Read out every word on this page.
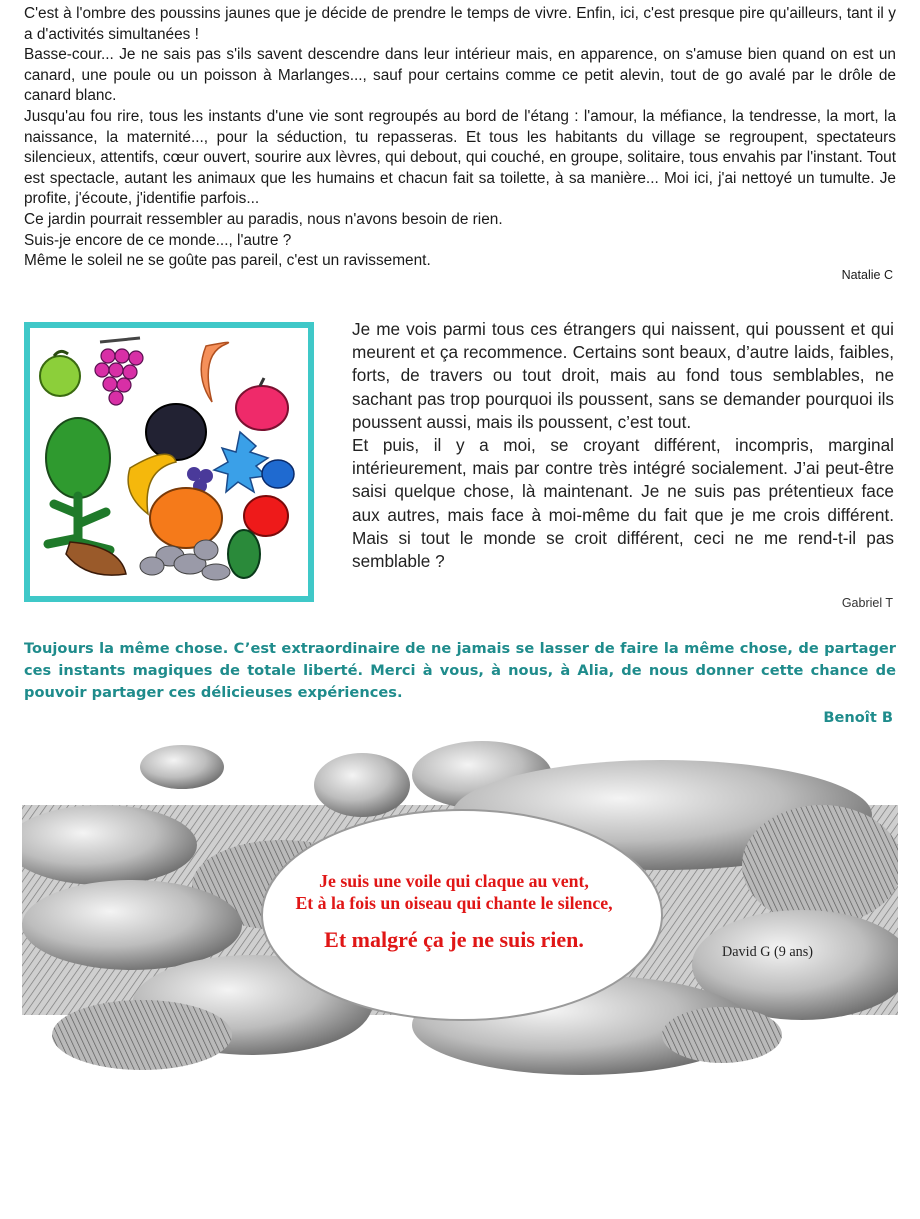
C'est à l'ombre des poussins jaunes que je décide de prendre le temps de vivre. Enfin, ici, c'est presque pire qu'ailleurs, tant il y a d'activités simultanées !

Basse-cour... Je ne sais pas s'ils savent descendre dans leur intérieur mais, en apparence, on s'amuse bien quand on est un canard, une poule ou un poisson à Marlanges..., sauf pour certains comme ce petit alevin, tout de go avalé par le drôle de canard blanc.

Jusqu'au fou rire, tous les instants d'une vie sont regroupés au bord de l'étang : l'amour, la méfiance, la tendresse, la mort, la naissance, la maternité..., pour la séduction, tu repasseras. Et tous les habitants du village se regroupent, spectateurs silencieux, attentifs, cœur ouvert, sourire aux lèvres, qui debout, qui couché, en groupe, solitaire, tous envahis par l'instant. Tout est spectacle, autant les animaux que les humains et chacun fait sa toilette, à sa manière... Moi ici, j'ai nettoyé un tumulte. Je profite, j'écoute, j'identifie parfois...

Ce jardin pourrait ressembler au paradis, nous n'avons besoin de rien.

Suis-je encore de ce monde..., l'autre ?

Même le soleil ne se goûte pas pareil, c'est un ravissement.

Natalie C

Je me vois parmi tous ces étrangers qui naissent, qui poussent et qui meurent et ça recommence. Certains sont beaux, d’autre laids, faibles, forts, de travers ou tout droit, mais au fond tous semblables, ne sachant pas trop pourquoi ils poussent, sans se demander pourquoi ils poussent aussi, mais ils poussent, c’est tout.

Et puis, il y a moi, se croyant différent, incompris, marginal intérieurement, mais par contre très intégré socialement. J’ai peut-être saisi quelque chose, là maintenant. Je ne suis pas prétentieux face aux autres, mais face à moi-même du fait que je me crois différent. Mais si tout le monde se croit différent, ceci ne me rend-t-il pas semblable ?

Gabriel T

Toujours la même chose. C’est extraordinaire de ne jamais se lasser de faire la même chose, de partager ces instants magiques de totale liberté. Merci à vous, à nous, à Alia, de nous donner cette chance de pouvoir partager ces délicieuses expériences.

Benoît B
Je suis une voile qui claque au vent,
Et à la fois un oiseau qui chante le silence,
Et malgré ça je ne suis rien.	David G (9 ans)
